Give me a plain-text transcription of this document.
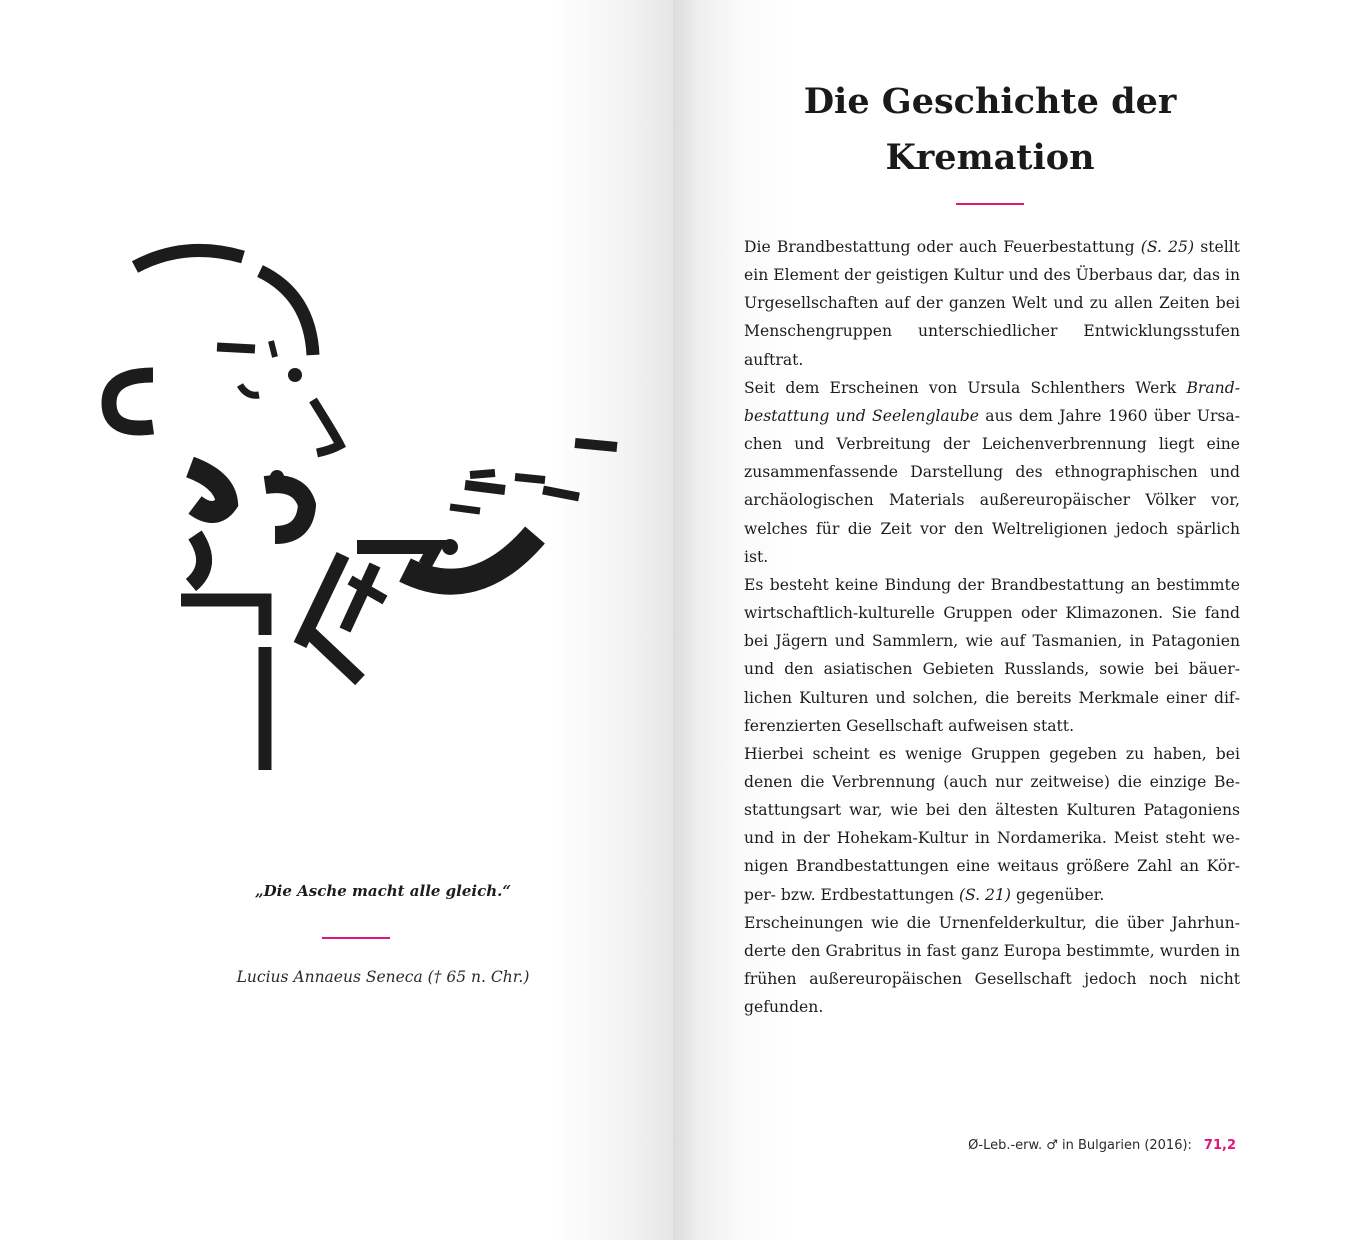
„Die Asche macht alle gleich.“
Lucius Annaeus Seneca († 65 n. Chr.)
Die Geschichte der
Kremation

Die Brandbestattung oder auch Feuerbestattung (S. 25) stellt ein Element der geistigen Kultur und des Überbaus dar, das in Urgesellschaften auf der ganzen Welt und zu allen Zeiten bei Menschengruppen unterschiedlicher Entwicklungsstufen auftrat.

Seit dem Erscheinen von Ursula Schlenthers Werk Brandbestattung und Seelenglaube aus dem Jahre 1960 über Ursachen und Verbreitung der Leichenverbrennung liegt eine zusammenfassende Darstellung des ethnographischen und archäologischen Materials außereuropäischer Völker vor, welches für die Zeit vor den Weltreligionen jedoch spärlich ist.

Es besteht keine Bindung der Brandbestattung an bestimmte wirtschaftlich-kulturelle Gruppen oder Klimazonen. Sie fand bei Jägern und Sammlern, wie auf Tasmanien, in Patagonien und den asiatischen Gebieten Russlands, sowie bei bäuerlichen Kulturen und solchen, die bereits Merkmale einer differenzierten Gesellschaft aufweisen statt.

Hierbei scheint es wenige Gruppen gegeben zu haben, bei denen die Verbrennung (auch nur zeitweise) die einzige Bestattungsart war, wie bei den ältesten Kulturen Patagoniens und in der Hohekam-Kultur in Nordamerika. Meist steht wenigen Brandbestattungen eine weitaus größere Zahl an Körper- bzw. Erdbestattungen (S. 21) gegenüber.

Erscheinungen wie die Urnenfelderkultur, die über Jahrhunderte den Grabritus in fast ganz Europa bestimmte, wurden in frühen außereuropäischen Gesellschaft jedoch noch nicht gefunden.

Ø-Leb.-erw. ♂ in Bulgarien (2016): 71,2
